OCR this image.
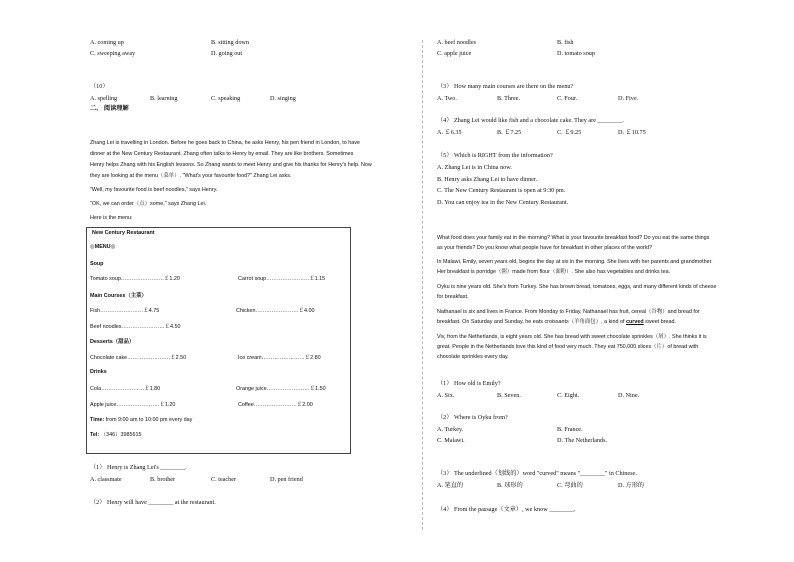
A. coming up	B. sitting down
C. sweeping away	D. going out
（10）
A. spelling	B. learning	C. speaking	D. singing
二、 阅读理解
Zhang Lei is travelling in London. Before he goes back to China, he asks Henry, his pen friend in London, to have
dinner at the New Century Restaurant. Zhang often talks to Henry by email. They are like brothers. Sometimes
Henry helps Zhang with his English lessons. So Zhang wants to meet Henry and give his thanks for Henry's help. Now
they are looking at the menu（菜单）. "What's your favourite food?" Zhang Lei asks.
"Well, my favourite food is beef noodles," says Henry.
"OK, we can order（点）some," says Zhang Lei.
Here is the menu:
New Century Restaurant
◎MENU◎
Soup
Tomato soup……………………￡1.20	Carrot soup……………………￡1.15
Main Courses（主菜）
Fish……………………￡4.75	Chicken……………………￡4.00
Beef noodles……………………￡4.50
Desserts（甜品）
Chocolate cake……………………￡2.50	Ice cream……………………￡2.80
Drinks
Cola……………………￡1.80	Orange juice……………………￡1.50
Apple juice……………………￡1.20	Coffee……………………￡2.00
Time: from 9:00 am to 10:00 pm every day
Tel: （346）3985615
（1） Henry is Zhang Lei's ________.
A. classmate	B. brother	C. teacher	D. pen friend
（2） Henry will have ________ at the restaurant.
A. beef noodles	B. fish
C. apple juice	D. tomato soup
（3） How many main courses are there on the menu?
A. Two.	B. Three.	C. Four.	D. Five.
（4） Zhang Lei would like fish and a chocolate cake. They are ________.
A. ￡6.35	B. ￡7.25	C. ￡9.25	D. ￡10.75
（5） Which is RIGHT from the information?
A. Zhang Lei is in China now.
B. Henry asks Zhang Lei to have dinner.
C. The New Century Restaurant is open at 9:30 pm.
D. You can enjoy tea in the New Century Restaurant.
What food does your family eat in the morning? What is your favourite breakfast food? Do you eat the same things
as your friends? Do you know what people have for breakfast in other places of the world?
In Malawi, Emily, seven years old, begins the day at six in the morning. She lives with her parents and grandmother.
Her breakfast is porridge（粥）made from flour（面粉）. She also has vegetables and drinks tea.
Oyku is nine years old. She's from Turkey. She has brown bread, tomatoes, eggs, and many different kinds of cheese
for breakfast.
Nathanael is six and lives in France. From Monday to Friday, Nathanael has fruit, cereal（谷物）and bread for
breakfast. On Saturday and Sunday, he eats croissants（羊角面包）, a kind of curved sweet bread.
Viv, from the Netherlands, is eight years old. She has bread with sweet chocolate sprinkles（屑）. She thinks it is
great. People in the Netherlands love this kind of food very much. They eat 750,000 slices（片）of bread with
chocolate sprinkles every day.
（1） How old is Emily?
A. Six.	B. Seven.	C. Eight.	D. Nine.
（2） Where is Oyku from?
A. Turkey.	B. France.
C. Malawi.	D. The Netherlands.
（3） The underlined（划线的）word "curved" means "________" in Chinese.
A. 笔直的	B. 球形的	C. 弯曲的	D. 方形的
（4） From the passage（文章）, we know ________.
